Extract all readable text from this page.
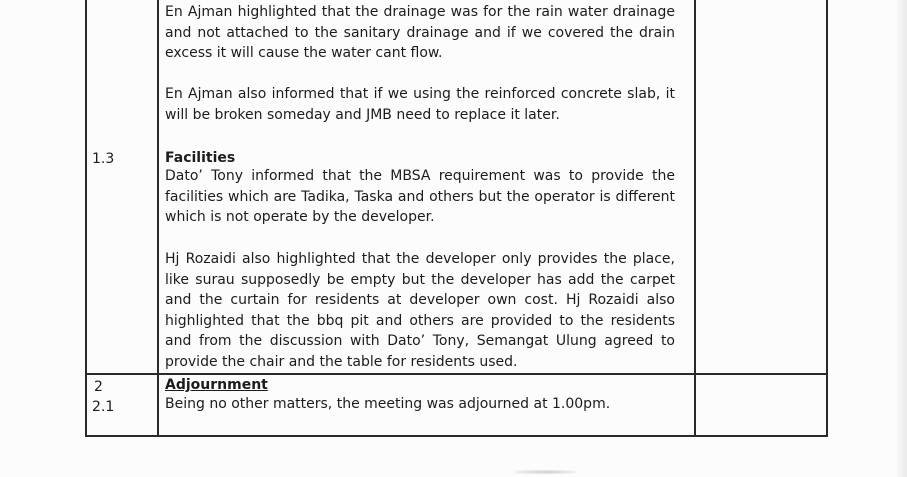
En Ajman highlighted that the drainage was for the rain water drainage and not attached to the sanitary drainage and if we covered the drain excess it will cause the water cant flow.

En Ajman also informed that if we using the reinforced concrete slab, it will be broken someday and JMB need to replace it later.

1.3	Facilities

Dato’ Tony informed that the MBSA requirement was to provide the facilities which are Tadika, Taska and others but the operator is different which is not operate by the developer.

Hj Rozaidi also highlighted that the developer only provides the place, like surau supposedly be empty but the developer has add the carpet and the curtain for residents at developer own cost. Hj Rozaidi also highlighted that the bbq pit and others are provided to the residents and from the discussion with Dato’ Tony, Semangat Ulung agreed to provide the chair and the table for residents used.

2
2.1
Adjournment
Being no other matters, the meeting was adjourned at 1.00pm.
